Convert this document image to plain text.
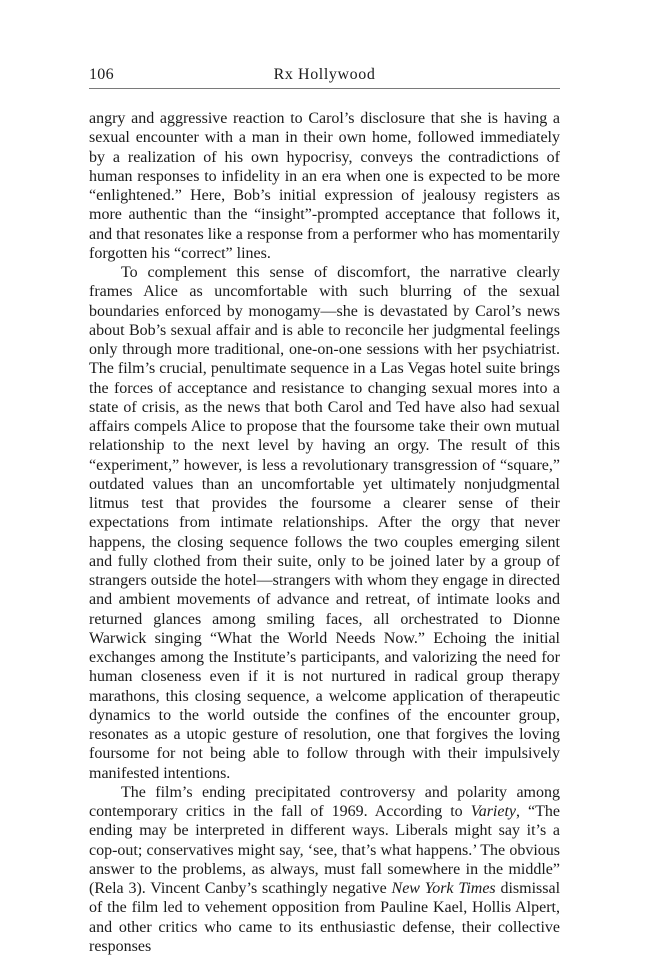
106	Rx Hollywood

angry and aggressive reaction to Carol’s disclosure that she is having a sexual encounter with a man in their own home, followed immediately by a realization of his own hypocrisy, conveys the contradictions of human responses to infidelity in an era when one is expected to be more “enlightened.” Here, Bob’s initial expression of jealousy registers as more authentic than the “insight”-prompted acceptance that follows it, and that resonates like a response from a performer who has momentarily forgotten his “correct” lines.

To complement this sense of discomfort, the narrative clearly frames Alice as uncomfortable with such blurring of the sexual boundaries enforced by monogamy—she is devastated by Carol’s news about Bob’s sexual affair and is able to reconcile her judgmental feelings only through more traditional, one-on-one sessions with her psychiatrist. The film’s crucial, penultimate sequence in a Las Vegas hotel suite brings the forces of acceptance and resistance to changing sexual mores into a state of crisis, as the news that both Carol and Ted have also had sexual affairs compels Alice to propose that the foursome take their own mutual relationship to the next level by having an orgy. The result of this “experiment,” however, is less a revolutionary transgression of “square,” outdated values than an uncomfortable yet ultimately nonjudgmental litmus test that provides the foursome a clearer sense of their expectations from intimate relationships. After the orgy that never happens, the closing sequence follows the two couples emerging silent and fully clothed from their suite, only to be joined later by a group of strangers outside the hotel—strangers with whom they engage in directed and ambient movements of advance and retreat, of intimate looks and returned glances among smiling faces, all orchestrated to Dionne Warwick singing “What the World Needs Now.” Echoing the initial exchanges among the Institute’s participants, and valorizing the need for human closeness even if it is not nurtured in radical group therapy marathons, this closing sequence, a welcome application of therapeutic dynamics to the world outside the confines of the encounter group, resonates as a utopic gesture of resolution, one that forgives the loving foursome for not being able to follow through with their impulsively manifested intentions.

The film’s ending precipitated controversy and polarity among contemporary critics in the fall of 1969. According to Variety, “The ending may be interpreted in different ways. Liberals might say it’s a cop-out; conservatives might say, ‘see, that’s what happens.’ The obvious answer to the problems, as always, must fall somewhere in the middle” (Rela 3). Vincent Canby’s scathingly negative New York Times dismissal of the film led to vehement opposition from Pauline Kael, Hollis Alpert, and other critics who came to its enthusiastic defense, their collective responses
